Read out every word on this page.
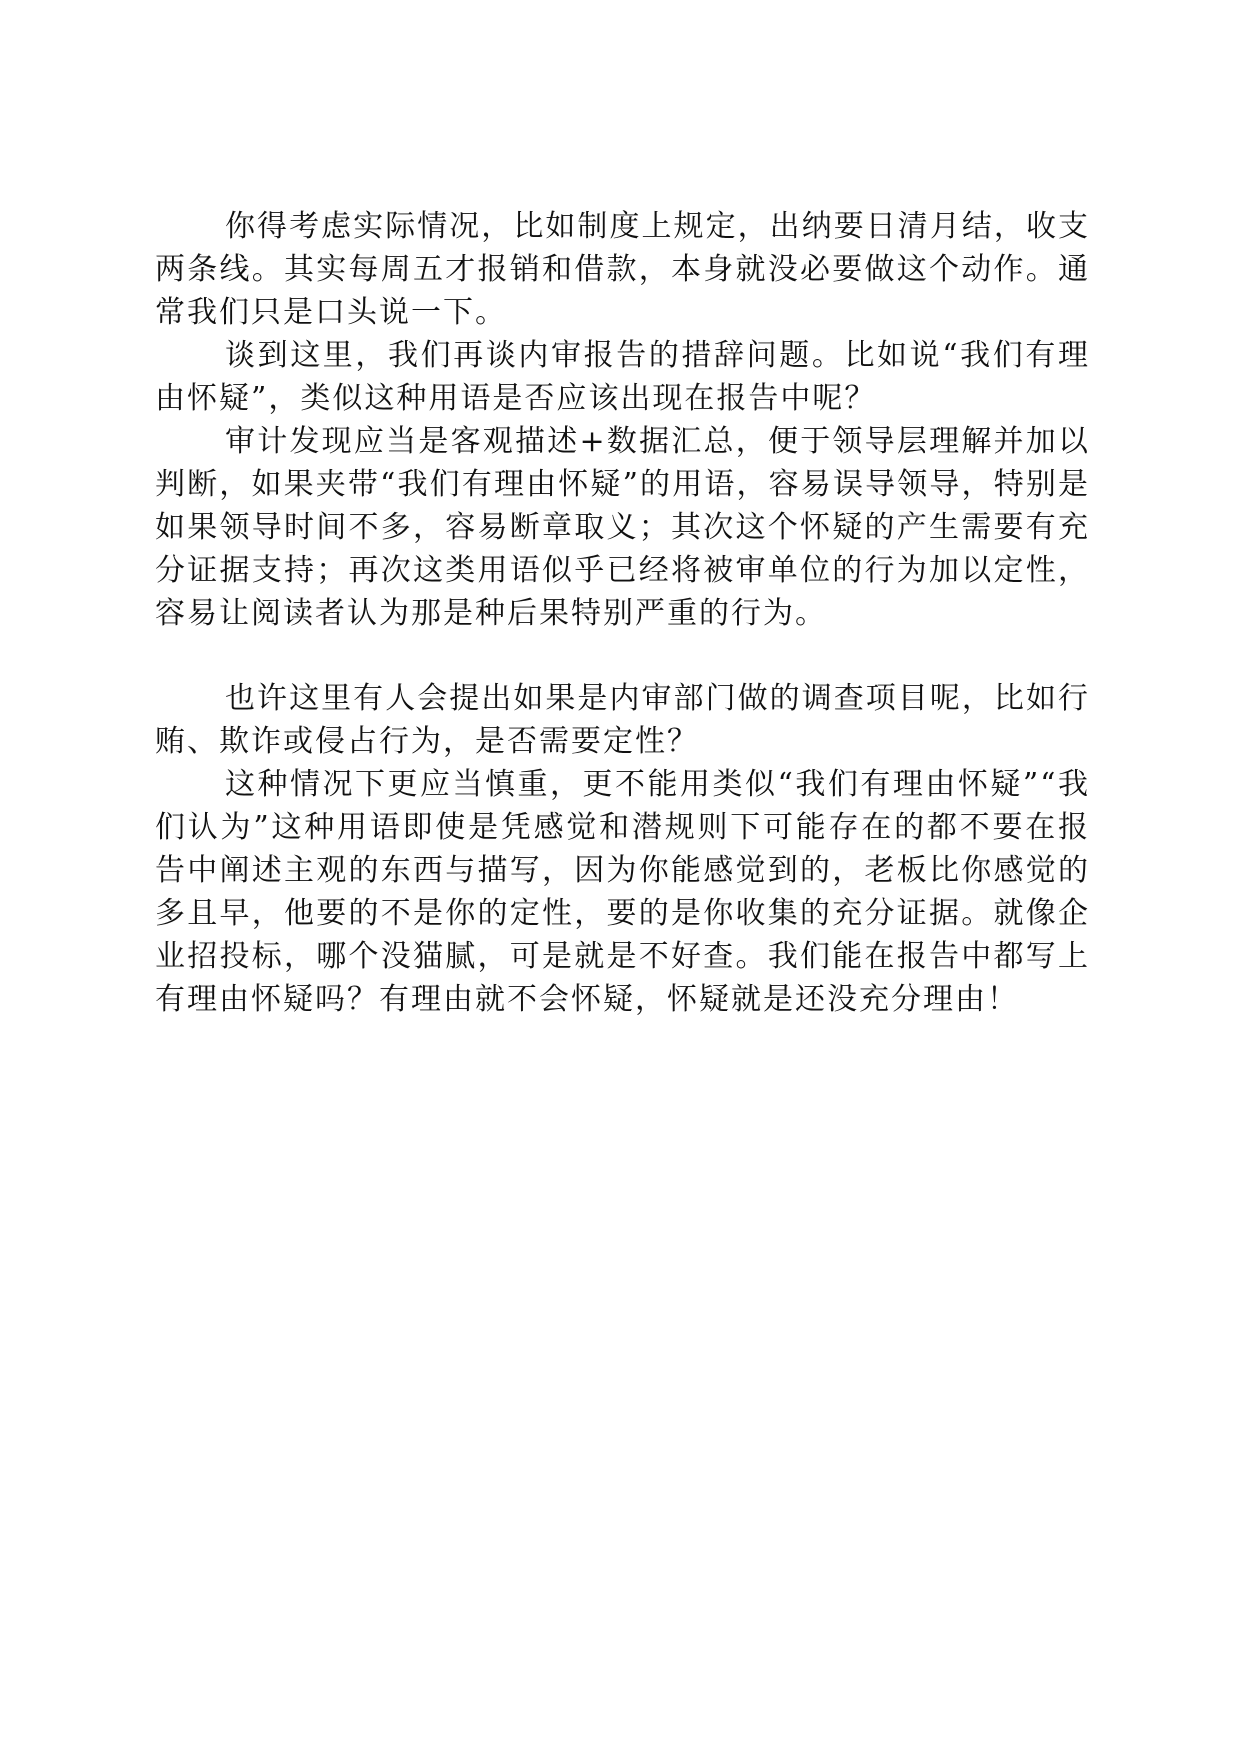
你得考虑实际情况，比如制度上规定，出纳要日清月结，收支两条线。其实每周五才报销和借款，本身就没必要做这个动作。通常我们只是口头说一下。

谈到这里，我们再谈内审报告的措辞问题。比如说“我们有理由怀疑”，类似这种用语是否应该出现在报告中呢？

审计发现应当是客观描述+数据汇总，便于领导层理解并加以判断，如果夹带“我们有理由怀疑”的用语，容易误导领导，特别是如果领导时间不多，容易断章取义；其次这个怀疑的产生需要有充分证据支持；再次这类用语似乎已经将被审单位的行为加以定性，容易让阅读者认为那是种后果特别严重的行为。

也许这里有人会提出如果是内审部门做的调查项目呢，比如行贿、欺诈或侵占行为，是否需要定性？

这种情况下更应当慎重，更不能用类似“我们有理由怀疑”“我们认为”这种用语即使是凭感觉和潜规则下可能存在的都不要在报告中阐述主观的东西与描写，因为你能感觉到的，老板比你感觉的多且早，他要的不是你的定性，要的是你收集的充分证据。就像企业招投标，哪个没猫腻，可是就是不好查。我们能在报告中都写上有理由怀疑吗？有理由就不会怀疑，怀疑就是还没充分理由！
